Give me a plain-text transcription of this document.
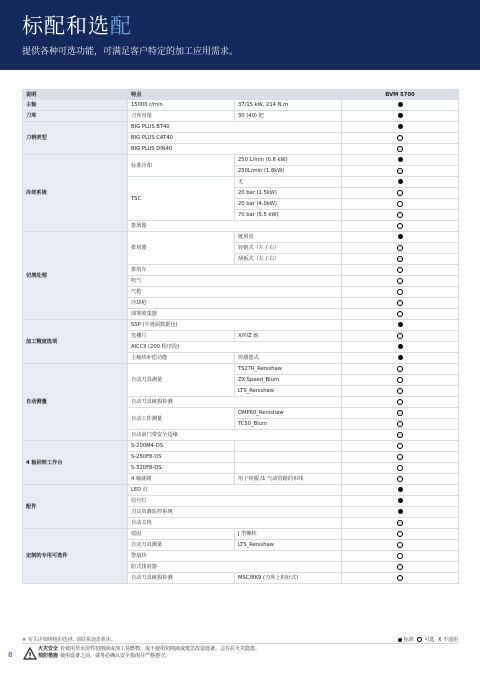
标配和选配
提供各种可选功能，可满足客户特定的加工应用需求。
说明	特点		BVM 5700
主轴	15000 r/min	37/15 kW, 214 N.m	
刀库	刀库容量	30 (40) 把	
刀柄类型	BIG PLUS BT40		
	BIG PLUS CAT40		
	BIG PLUS DIN40		
冷却系统	标准冷却	250 L/min (0.6 kW)	
		250L/min (1.8kW)	
	TSC	无	
		20 bar (1.5kW)	
		20 bar (4.0kW)	
		70 bar (5.5 kW)	
	排屑器		
切屑处理	排屑器	链屑盘	
		铰链式（左 / 右）	
		刮板式（左 / 右）	
	排屑车		
	吹气		
	气枪		
	冷却枪		
	油雾收集器		
加工精度选项	SSP (平滑面数据包)		
	光栅尺	X/Y/Z 轴	
	AICCII (200 程序段)		
	主轴热补偿功能	传感器式	
自动测量	自动刀具测量	TS27R_Renishaw	
		ZX Speed_Blum	
		LTS_Renishaw	
	自动刀具破损检测		
	自动工件测量	OMP60_Renishaw	
		TC50_Blum	
	自动前门带安全边缘		
4 轴回转工作台	S-200M4-DS		
	S-250F8-DS		
	S-320F8-DS		
	4 轴就绪	用于伺服 /1 气动管路的布线	
配件	LED 灯		
	信号灯		
	刀具负载监控系统		
	自动关机		
定制的专用可选件	镗固	J 型螺栓	
	自动刀具测量	LTS_Renishaw	
	警扇块		
	防式排屑器		
	自动刀具破损检测	MSC/BK9 (刀库上的针式)	
※ 有关详细规格的选择, 请联系迪恩机床。	标准 可选 X 不适用
8
火灾安全 若使用非水溶性切削液或加工易燃物，或不使用切削液或缓急改造设备，会存在火灾隐患。
预防措施 使用设备之前，请务必确认安全指南并严格遵守。
